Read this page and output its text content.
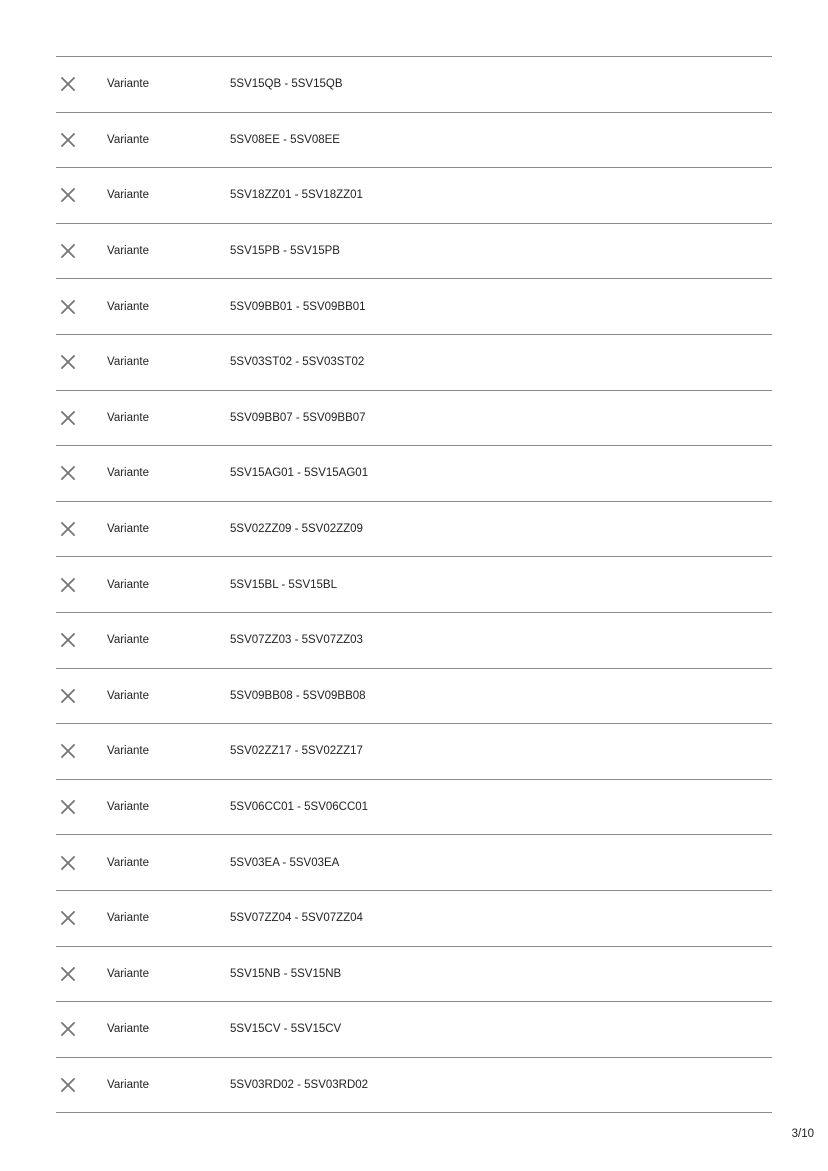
Variante	5SV15QB - 5SV15QB
Variante	5SV08EE - 5SV08EE
Variante	5SV18ZZ01 - 5SV18ZZ01
Variante	5SV15PB - 5SV15PB
Variante	5SV09BB01 - 5SV09BB01
Variante	5SV03ST02 - 5SV03ST02
Variante	5SV09BB07 - 5SV09BB07
Variante	5SV15AG01 - 5SV15AG01
Variante	5SV02ZZ09 - 5SV02ZZ09
Variante	5SV15BL - 5SV15BL
Variante	5SV07ZZ03 - 5SV07ZZ03
Variante	5SV09BB08 - 5SV09BB08
Variante	5SV02ZZ17 - 5SV02ZZ17
Variante	5SV06CC01 - 5SV06CC01
Variante	5SV03EA - 5SV03EA
Variante	5SV07ZZ04 - 5SV07ZZ04
Variante	5SV15NB - 5SV15NB
Variante	5SV15CV - 5SV15CV
Variante	5SV03RD02 - 5SV03RD02
3/10
